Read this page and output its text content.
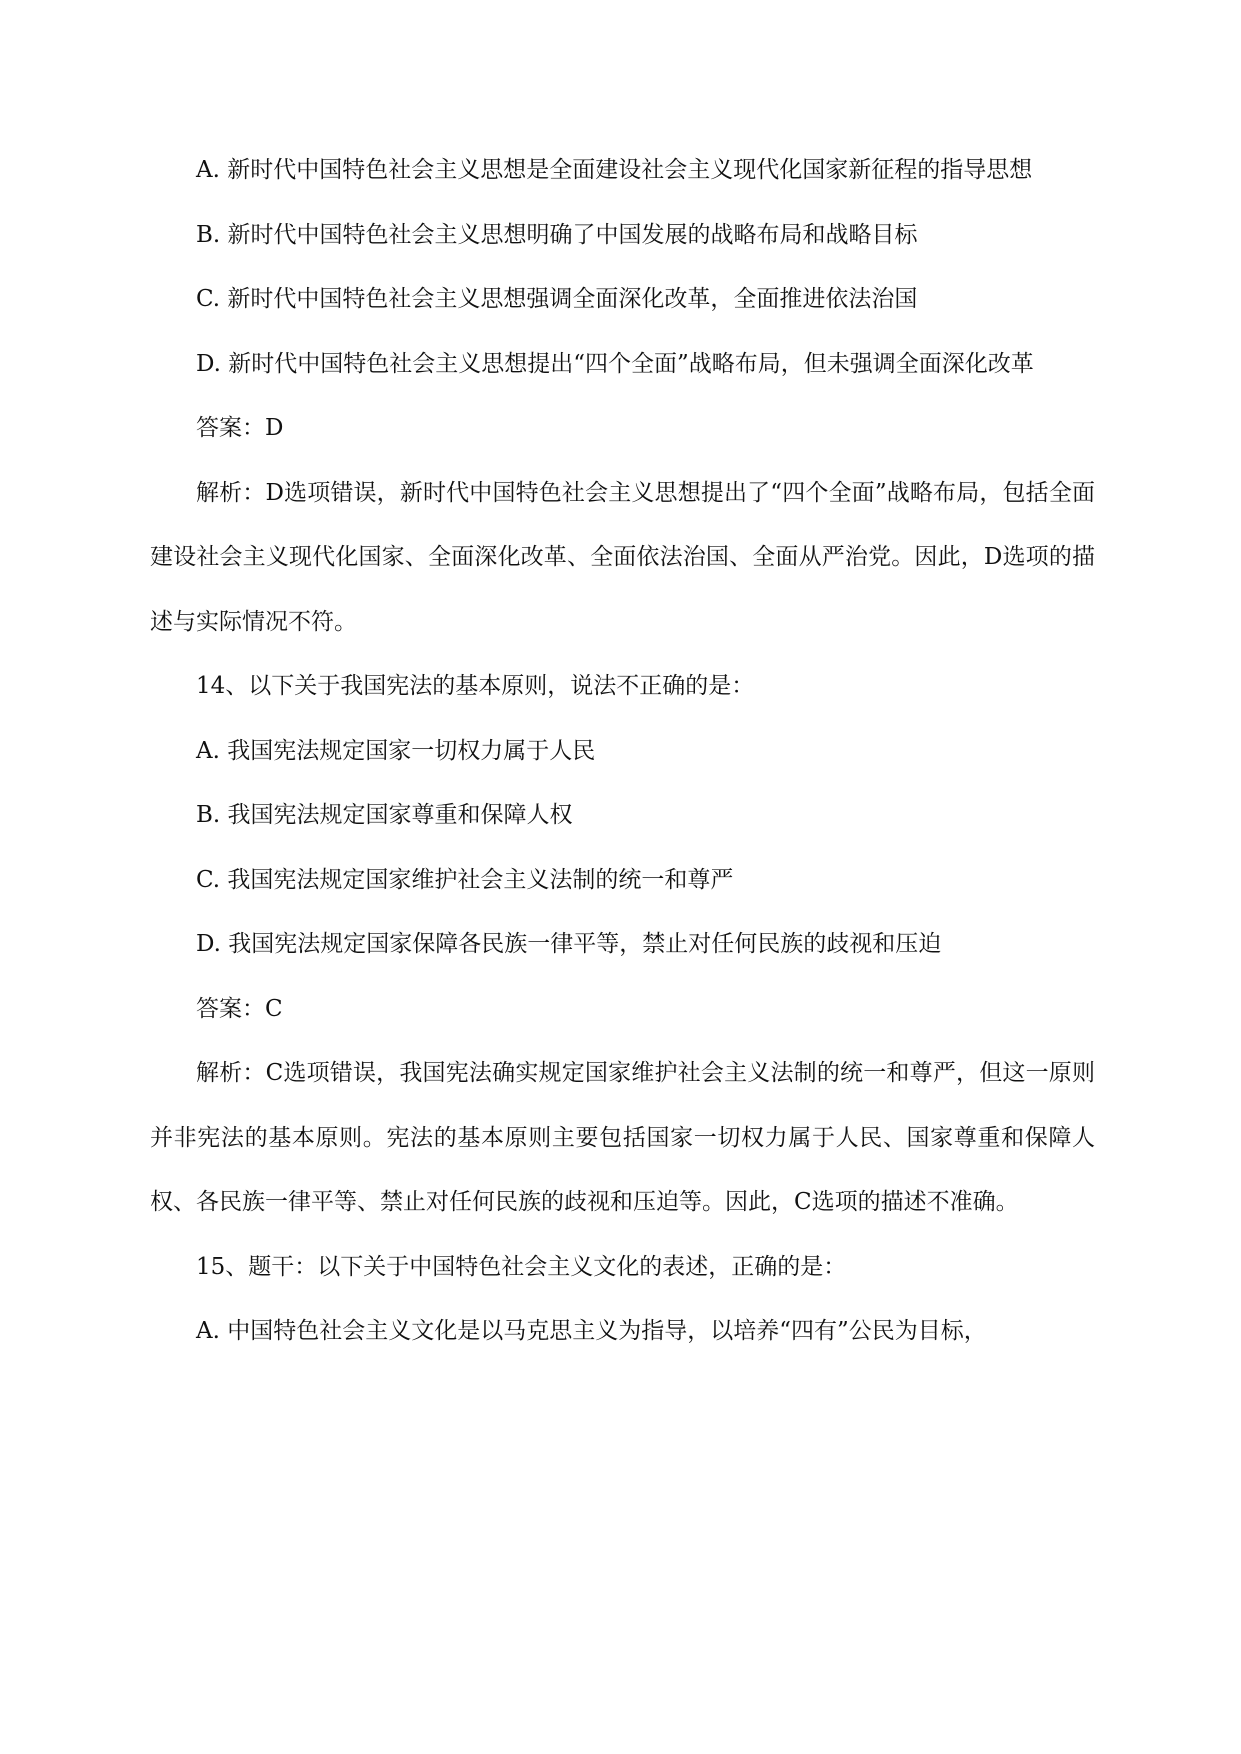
A. 新时代中国特色社会主义思想是全面建设社会主义现代化国家新征程的指导思想

B. 新时代中国特色社会主义思想明确了中国发展的战略布局和战略目标

C. 新时代中国特色社会主义思想强调全面深化改革，全面推进依法治国

D. 新时代中国特色社会主义思想提出“四个全面”战略布局，但未强调全面深化改革

答案：D

解析：D选项错误，新时代中国特色社会主义思想提出了“四个全面”战略布局，包括全面建设社会主义现代化国家、全面深化改革、全面依法治国、全面从严治党。因此，D选项的描述与实际情况不符。

14、以下关于我国宪法的基本原则，说法不正确的是：

A. 我国宪法规定国家一切权力属于人民

B. 我国宪法规定国家尊重和保障人权

C. 我国宪法规定国家维护社会主义法制的统一和尊严

D. 我国宪法规定国家保障各民族一律平等，禁止对任何民族的歧视和压迫

答案：C

解析：C选项错误，我国宪法确实规定国家维护社会主义法制的统一和尊严，但这一原则并非宪法的基本原则。宪法的基本原则主要包括国家一切权力属于人民、国家尊重和保障人权、各民族一律平等、禁止对任何民族的歧视和压迫等。因此，C选项的描述不准确。

15、题干：以下关于中国特色社会主义文化的表述，正确的是：

A. 中国特色社会主义文化是以马克思主义为指导，以培养“四有”公民为目标，
